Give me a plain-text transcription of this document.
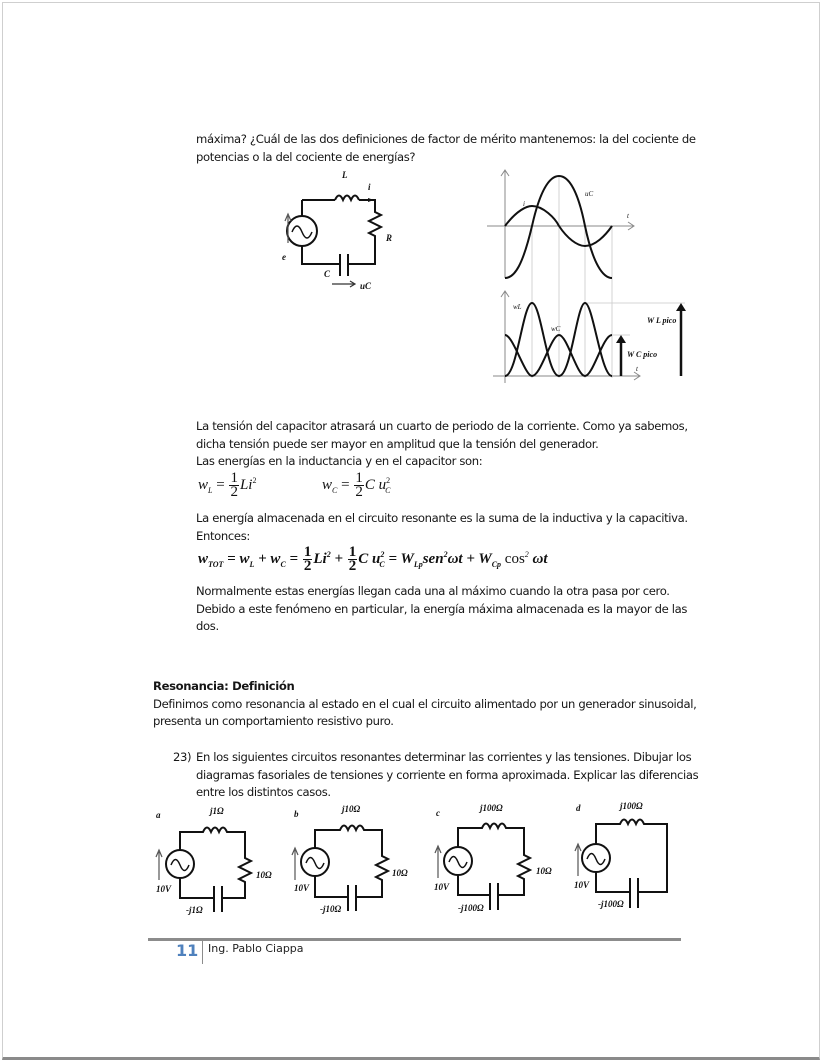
máxima? ¿Cuál de las dos definiciones de factor de mérito mantenemos: la del cociente de
potencias o la del cociente de energías?
L
i
R
C
e
uC
i
uC
t
wL
wC
t
W L pico
W C pico
La tensión del capacitor atrasará un cuarto de periodo de la corriente. Como ya sabemos,
dicha tensión puede ser mayor en amplitud que la tensión del generador.
Las energías en la inductancia y en el capacitor son:
$w_L = \frac{1}{2} Li^2$	$w_C = \frac{1}{2}$ C $u^2_C$
La energía almacenada en el circuito resonante es la suma de la inductiva y la capacitiva.
Entonces:
$w_{TOT} = w_L + w_C = \frac{1}{2} Li^2 + \frac{1}{2}$ C $u^2_C = W_{Lp}sen^2\omega t + W_{Cp}$ $\cos^2 \omega t$
Normalmente estas energías llegan cada una al máximo cuando la otra pasa por cero.
Debido a este fenómeno en particular, la energía máxima almacenada es la mayor de las
dos.
Resonancia: Definición
Definimos como resonancia al estado en el cual el circuito alimentado por un generador sinusoidal,
presenta un comportamiento resistivo puro.
23) En los siguientes circuitos resonantes determinar las corrientes y las tensiones. Dibujar los
diagramas fasoriales de tensiones y corriente en forma aproximada. Explicar las diferencias
entre los distintos casos.
a	j1Ω
10Ω
10V
-j1Ω
b	j10Ω
10Ω
10V
-j10Ω
c	j100Ω
10Ω
10V
-j100Ω
d	j100Ω
10V
-j100Ω
11 Ing. Pablo Ciappa
